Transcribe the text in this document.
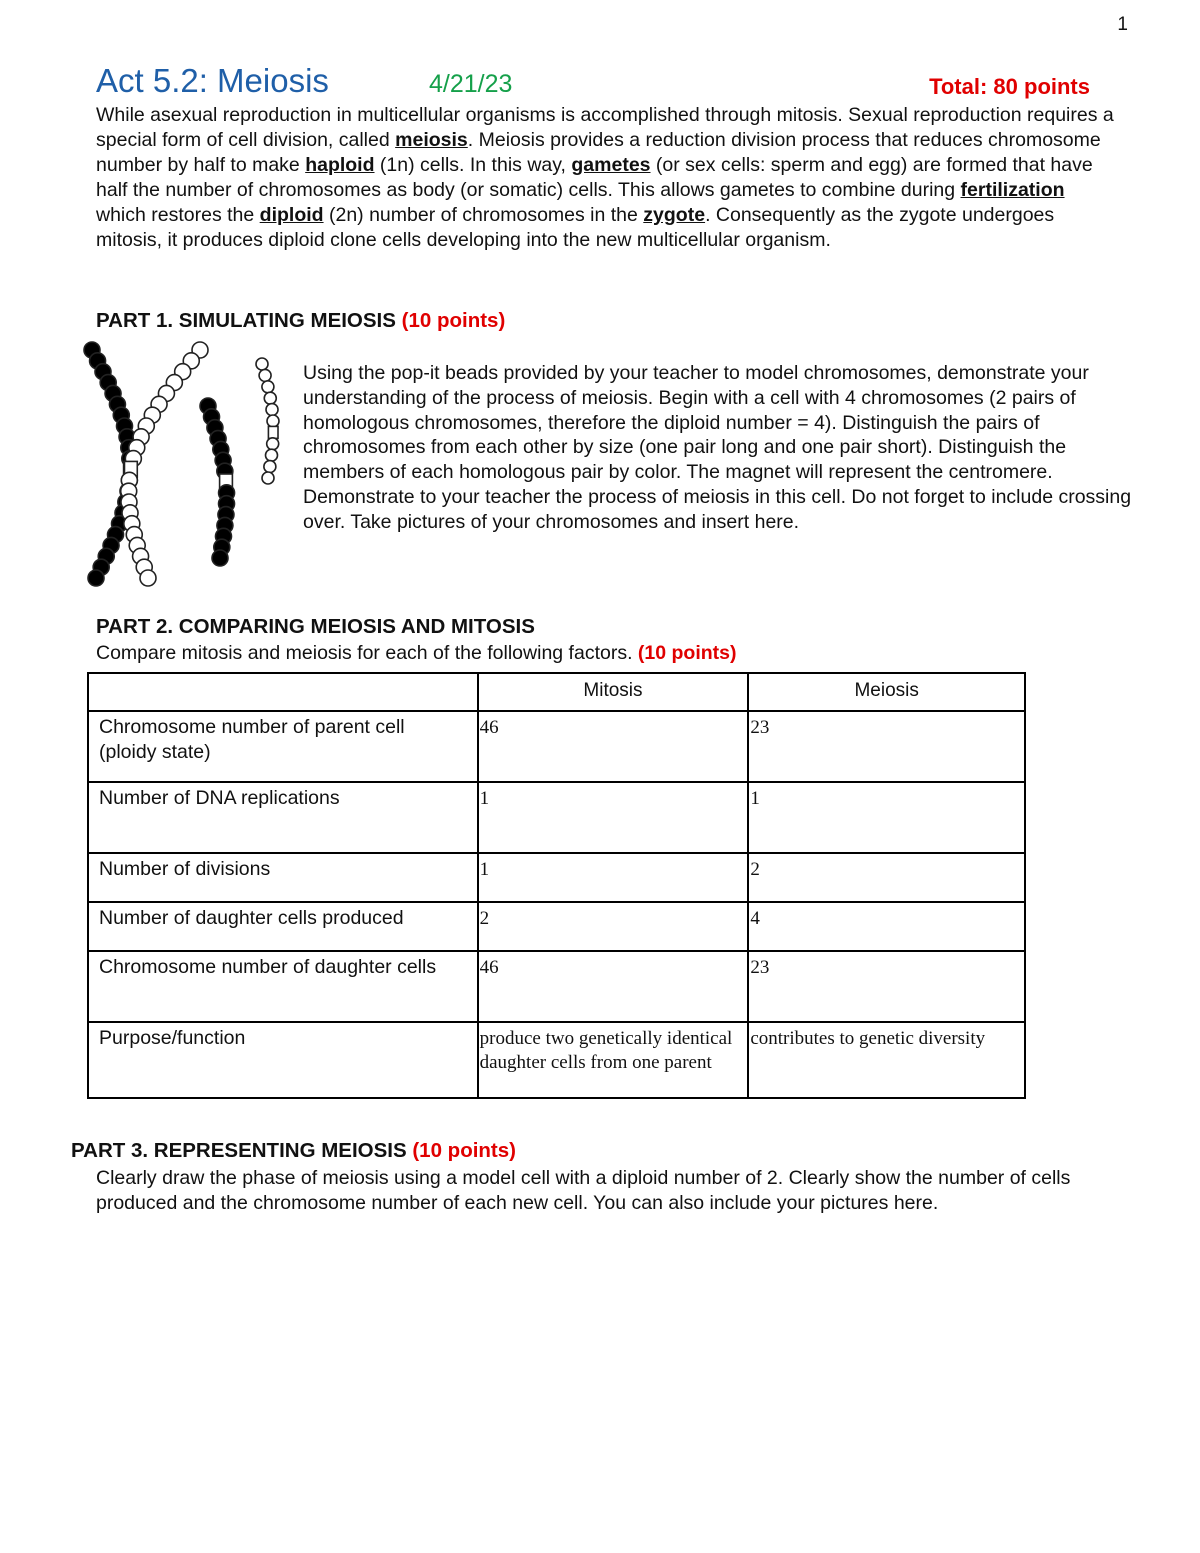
1
Act 5.2: Meiosis	4/21/23	Total: 80 points
While asexual reproduction in multicellular organisms is accomplished through mitosis. Sexual reproduction requires a special form of cell division, called meiosis. Meiosis provides a reduction division process that reduces chromosome number by half to make haploid (1n) cells. In this way, gametes (or sex cells: sperm and egg) are formed that have half the number of chromosomes as body (or somatic) cells. This allows gametes to combine during fertilization which restores the diploid (2n) number of chromosomes in the zygote. Consequently as the zygote undergoes mitosis, it produces diploid clone cells developing into the new multicellular organism.
PART 1. SIMULATING MEIOSIS (10 points)
Using the pop-it beads provided by your teacher to model chromosomes, demonstrate your understanding of the process of meiosis. Begin with a cell with 4 chromosomes (2 pairs of homologous chromosomes, therefore the diploid number = 4). Distinguish the pairs of chromosomes from each other by size (one pair long and one pair short). Distinguish the members of each homologous pair by color. The magnet will represent the centromere. Demonstrate to your teacher the process of meiosis in this cell. Do not forget to include crossing over. Take pictures of your chromosomes and insert here.
PART 2. COMPARING MEIOSIS AND MITOSIS
Compare mitosis and meiosis for each of the following factors. (10 points)
	Mitosis	Meiosis
Chromosome number of parent cell (ploidy state)	46	23
Number of DNA replications	1	1
Number of divisions	1	2
Number of daughter cells produced	2	4
Chromosome number of daughter cells	46	23
Purpose/function	produce two genetically identical daughter cells from one parent	contributes to genetic diversity
PART 3. REPRESENTING MEIOSIS (10 points)
Clearly draw the phase of meiosis using a model cell with a diploid number of 2. Clearly show the number of cells produced and the chromosome number of each new cell. You can also include your pictures here.
